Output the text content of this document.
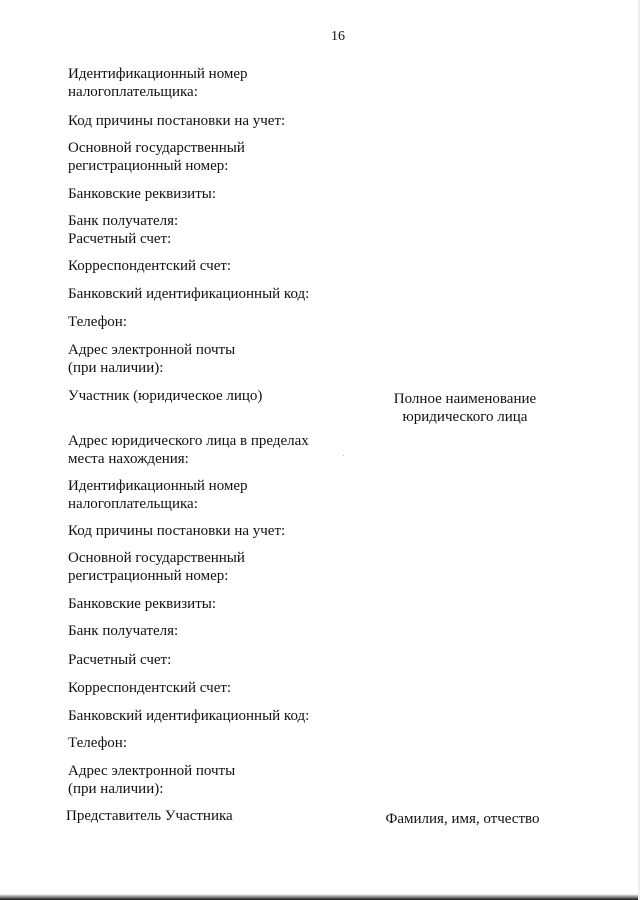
16

Идентификационный номер
налогоплательщика:

Код причины постановки на учет:

Основной государственный
регистрационный номер:

Банковские реквизиты:

Банк получателя:
Расчетный счет:

Корреспондентский счет:

Банковский идентификационный код:

Телефон:

Адрес электронной почты
(при наличии):

Участник (юридическое лицо)	Полное наименование
юридического лица

Адрес юридического лица в пределах
места нахождения:

Идентификационный номер
налогоплательщика:

Код причины постановки на учет:

Основной государственный
регистрационный номер:

Банковские реквизиты:

Банк получателя:

Расчетный счет:

Корреспондентский счет:

Банковский идентификационный код:

Телефон:

Адрес электронной почты
(при наличии):

Представитель Участника	Фамилия, имя, отчество
